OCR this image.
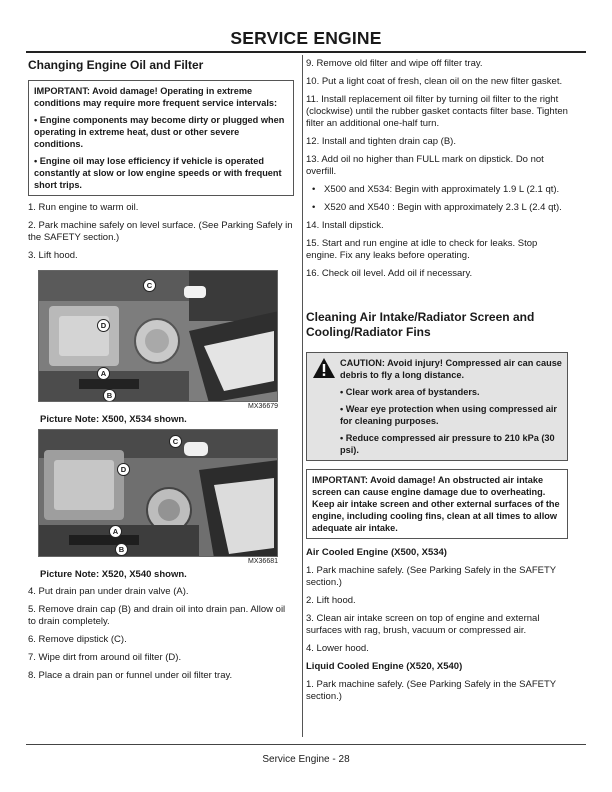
SERVICE ENGINE
Changing Engine Oil and Filter

IMPORTANT: Avoid damage! Operating in extreme conditions may require more frequent service intervals:

• Engine components may become dirty or plugged when operating in extreme heat, dust or other severe conditions.

• Engine oil may lose efficiency if vehicle is operated constantly at slow or low engine speeds or with frequent short trips.

1. Run engine to warm oil.

2. Park machine safely on level surface. (See Parking Safely in the SAFETY section.)

3. Lift hood.

C
D
A
B
MX36679
Picture Note: X500, X534 shown.
C
D
A
B
MX36681
Picture Note: X520, X540 shown.

4. Put drain pan under drain valve (A).

5. Remove drain cap (B) and drain oil into drain pan. Allow oil to drain completely.

6. Remove dipstick (C).

7. Wipe dirt from around oil filter (D).

8. Place a drain pan or funnel under oil filter tray.

9. Remove old filter and wipe off filter tray.

10. Put a light coat of fresh, clean oil on the new filter gasket.

11. Install replacement oil filter by turning oil filter to the right (clockwise) until the rubber gasket contacts filter base. Tighten filter an additional one-half turn.

12. Install and tighten drain cap (B).

13. Add oil no higher than FULL mark on dipstick. Do not overfill.

• X500 and X534: Begin with approximately 1.9 L (2.1 qt).
• X520 and X540 : Begin with approximately 2.3 L (2.4 qt).

14. Install dipstick.

15. Start and run engine at idle to check for leaks. Stop engine. Fix any leaks before operating.

16. Check oil level. Add oil if necessary.

Cleaning Air Intake/Radiator Screen and Cooling/Radiator Fins

CAUTION: Avoid injury! Compressed air can cause debris to fly a long distance.

• Clear work area of bystanders.

• Wear eye protection when using compressed air for cleaning purposes.

• Reduce compressed air pressure to 210 kPa (30 psi).

IMPORTANT: Avoid damage! An obstructed air intake screen can cause engine damage due to overheating. Keep air intake screen and other external surfaces of the engine, including cooling fins, clean at all times to allow adequate air intake.

Air Cooled Engine (X500, X534)

1. Park machine safely. (See Parking Safely in the SAFETY section.)

2. Lift hood.

3. Clean air intake screen on top of engine and external surfaces with rag, brush, vacuum or compressed air.

4. Lower hood.

Liquid Cooled Engine (X520, X540)

1. Park machine safely. (See Parking Safely in the SAFETY section.)

Service Engine - 28
